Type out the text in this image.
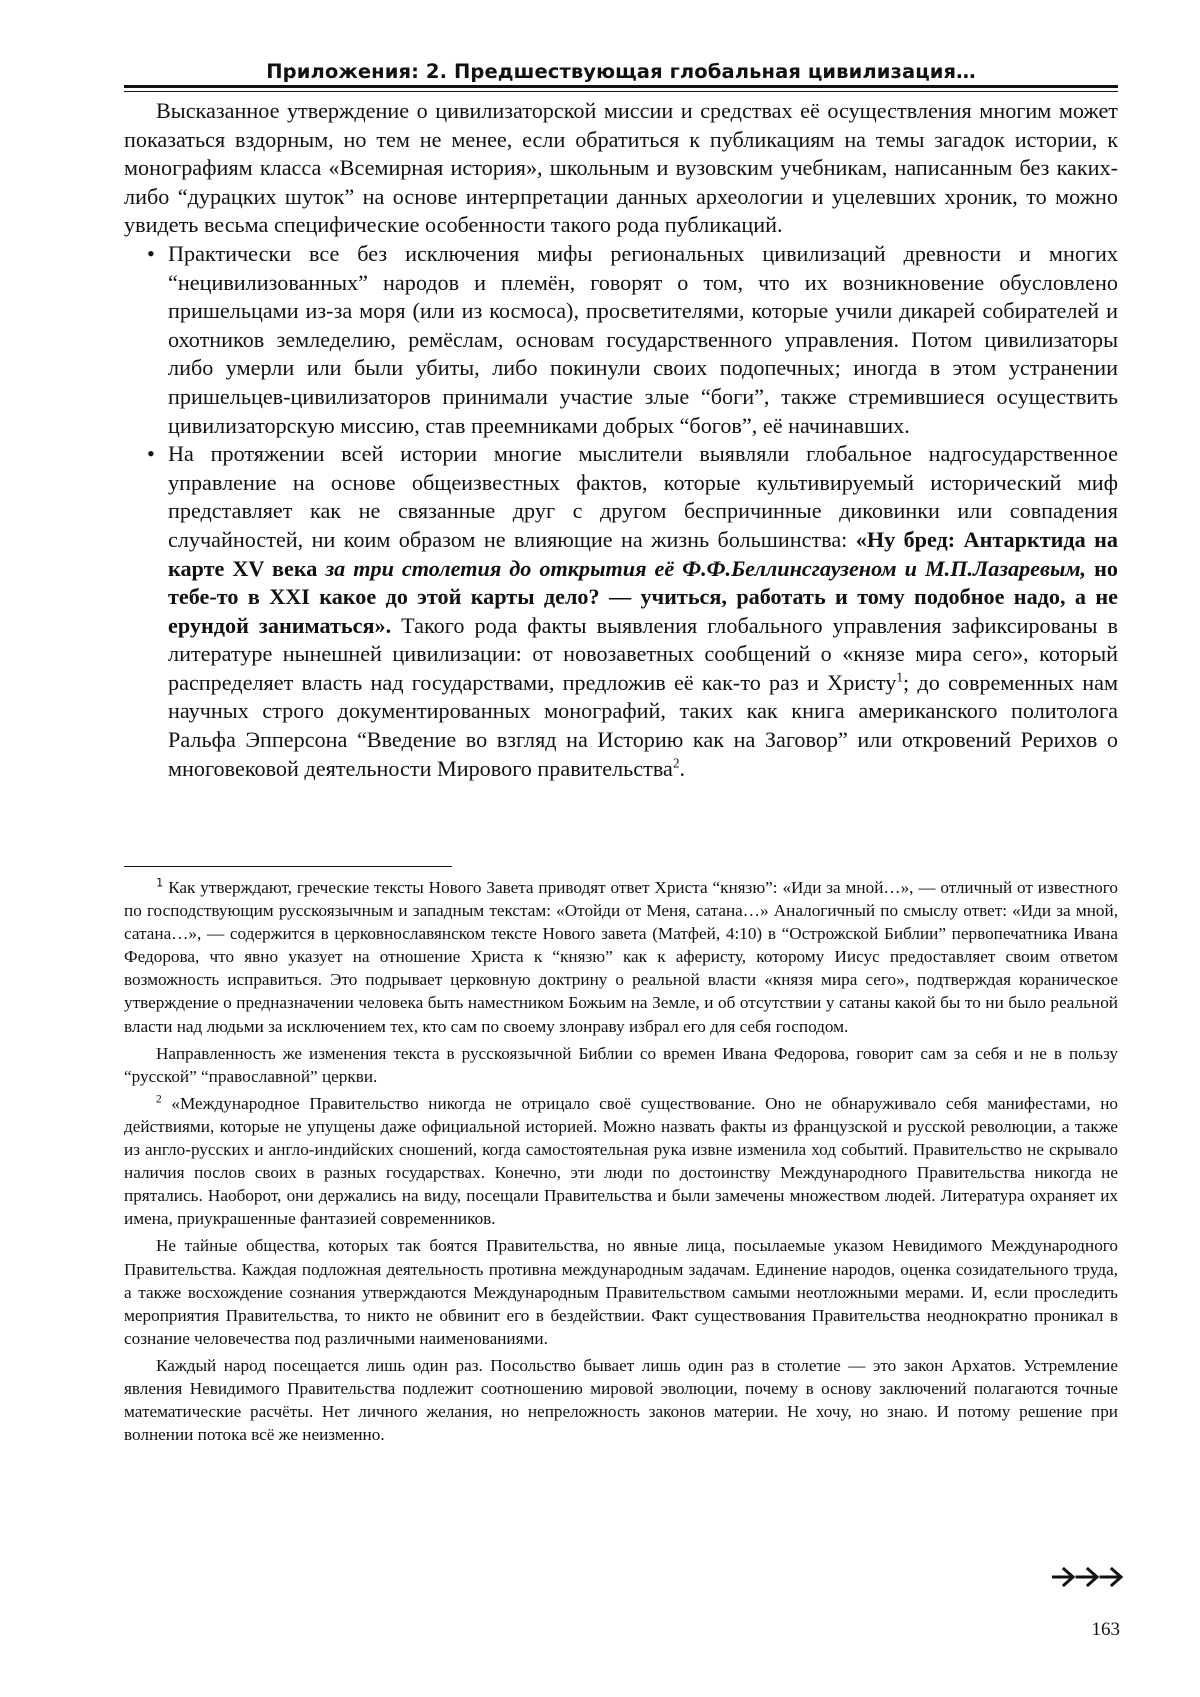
Приложения: 2. Предшествующая глобальная цивилизация…

Высказанное утверждение о цивилизаторской миссии и средствах её осуществления многим может показаться вздорным, но тем не менее, если обратиться к публикациям на темы загадок истории, к монографиям класса «Всемирная история», школьным и вузовским учебникам, написанным без каких-либо “дурацких шуток” на основе интерпретации данных археологии и уцелевших хроник, то можно увидеть весьма специфические особенности такого рода публикаций.

• Практически все без исключения мифы региональных цивилизаций древности и многих “нецивилизованных” народов и племён, говорят о том, что их возникновение обусловлено пришельцами из-за моря (или из космоса), просветителями, которые учили дикарей собирателей и охотников земледелию, ремёслам, основам государственного управления. Потом цивилизаторы либо умерли или были убиты, либо покинули своих подопечных; иногда в этом устранении пришельцев-цивилизаторов принимали участие злые “боги”, также стремившиеся осуществить цивилизаторскую миссию, став преемниками добрых “богов”, её начинавших.
• На протяжении всей истории многие мыслители выявляли глобальное надгосударственное управление на основе общеизвестных фактов, которые культивируемый исторический миф представляет как не связанные друг с другом беспричинные диковинки или совпадения случайностей, ни коим образом не влияющие на жизнь большинства: «Ну бред: Антарктида на карте XV века за три столетия до открытия её Ф.Ф.Беллинсгаузеном и М.П.Лазаревым, но тебе-то в XXI какое до этой карты дело? — учиться, работать и тому подобное надо, а не ерундой заниматься». Такого рода факты выявления глобального управления зафиксированы в литературе нынешней цивилизации: от новозаветных сообщений о «князе мира сего», который распределяет власть над государствами, предложив её как-то раз и Христу$^1$; до современных нам научных строго документированных монографий, таких как книга американского политолога Ральфа Эпперсона “Введение во взгляд на Историю как на Заговор” или откровений Рерихов о многовековой деятельности Мирового правительства$^2$.

$^1$ Как утверждают, греческие тексты Нового Завета приводят ответ Христа “князю”: «Иди за мной…», — отличный от известного по господствующим русскоязычным и западным текстам: «Отойди от Меня, сатана…» Аналогичный по смыслу ответ: «Иди за мной, сатана…», — содержится в церковнославянском тексте Нового завета (Матфей, 4:10) в “Острожской Библии” первопечатника Ивана Федорова, что явно указует на отношение Христа к “князю” как к аферисту, которому Иисус предоставляет своим ответом возможность исправиться. Это подрывает церковную доктрину о реальной власти «князя мира сего», подтверждая кораническое утверждение о предназначении человека быть наместником Божьим на Земле, и об отсутствии у сатаны какой бы то ни было реальной власти над людьми за исключением тех, кто сам по своему злонраву избрал его для себя господом.

Направленность же изменения текста в русскоязычной Библии со времен Ивана Федорова, говорит сам за себя и не в пользу “русской” “православной” церкви.

$^2$ «Международное Правительство никогда не отрицало своё существование. Оно не обнаруживало себя манифестами, но действиями, которые не упущены даже официальной историей. Можно назвать факты из французской и русской революции, а также из англо-русских и англо-индийских сношений, когда самостоятельная рука извне изменила ход событий. Правительство не скрывало наличия послов своих в разных государствах. Конечно, эти люди по достоинству Международного Правительства никогда не прятались. Наоборот, они держались на виду, посещали Правительства и были замечены множеством людей. Литература охраняет их имена, приукрашенные фантазией современников.

Не тайные общества, которых так боятся Правительства, но явные лица, посылаемые указом Невидимого Международного Правительства. Каждая подложная деятельность противна международным задачам. Единение народов, оценка созидательного труда, а также восхождение сознания утверждаются Международным Правительством самыми неотложными мерами. И, если проследить мероприятия Правительства, то никто не обвинит его в бездействии. Факт существования Правительства неоднократно проникал в сознание человечества под различными наименованиями.

Каждый народ посещается лишь один раз. Посольство бывает лишь один раз в столетие — это закон Архатов. Устремление явления Невидимого Правительства подлежит соотношению мировой эволюции, почему в основу заключений полагаются точные математические расчёты. Нет личного желания, но непреложность законов материи. Не хочу, но знаю. И потому решение при волнении потока всё же неизменно.

163
